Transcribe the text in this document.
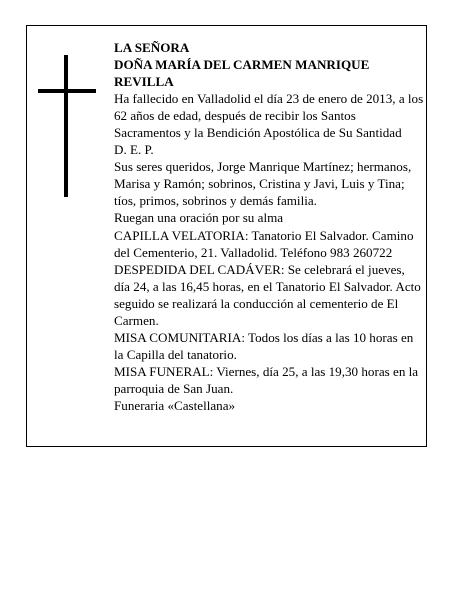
LA SEÑORA

DOÑA MARÍA DEL CARMEN MANRIQUE REVILLA

Ha fallecido en Valladolid el día 23 de enero de 2013, a los 62 años de edad, después de recibir los Santos Sacramentos y la Bendición Apostólica de Su Santidad

D. E. P.

Sus seres queridos, Jorge Manrique Martínez; hermanos, Marisa y Ramón; sobrinos, Cristina y Javi, Luis y Tina; tíos, primos, sobrinos y demás familia.

Ruegan una oración por su alma

CAPILLA VELATORIA: Tanatorio El Salvador. Camino del Cementerio, 21. Valladolid. Teléfono 983 260722

DESPEDIDA DEL CADÁVER: Se celebrará el jueves, día 24, a las 16,45 horas, en el Tanatorio El Salvador. Acto seguido se realizará la conducción al cementerio de El Carmen.

MISA COMUNITARIA: Todos los días a las 10 horas en la Capilla del tanatorio.

MISA FUNERAL: Viernes, día 25, a las 19,30 horas en la parroquia de San Juan.

Funeraria «Castellana»
